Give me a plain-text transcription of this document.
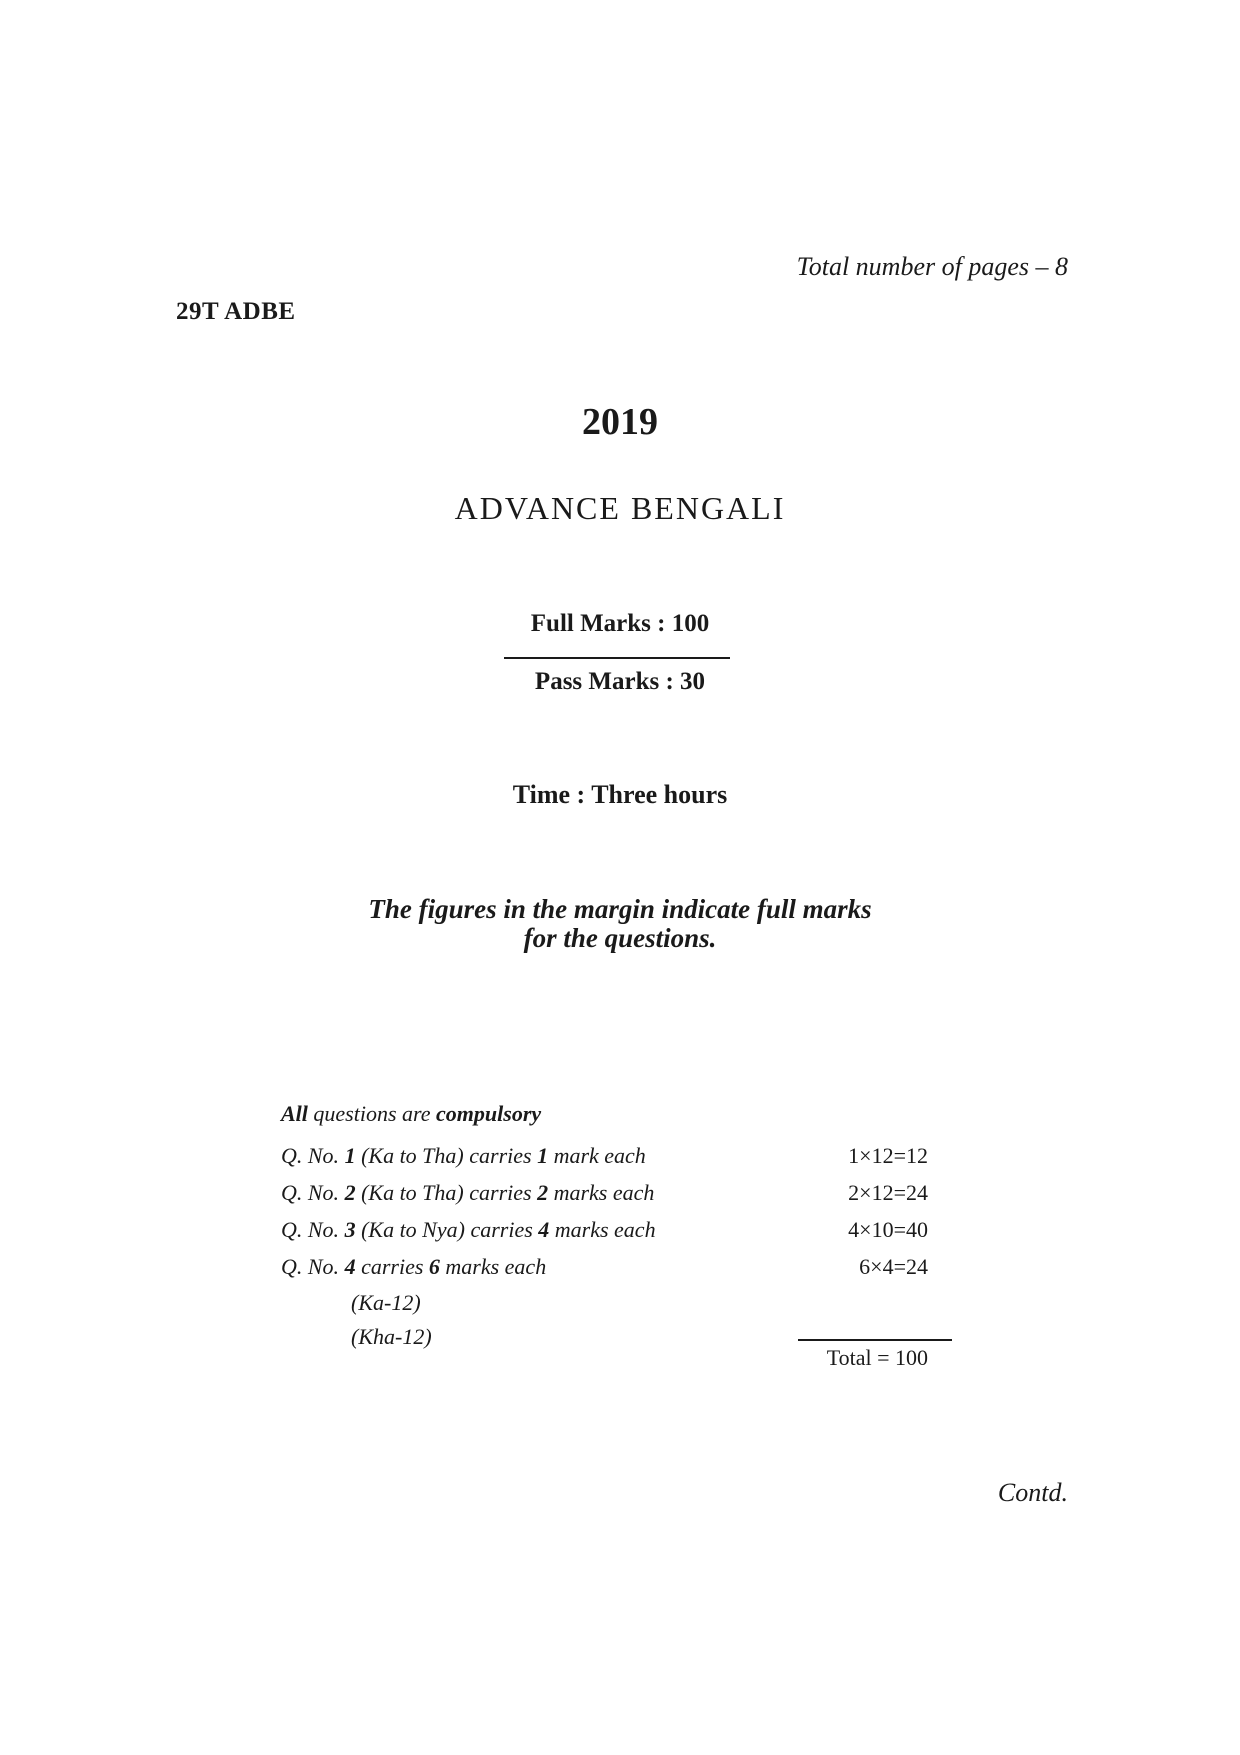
Total number of pages – 8
29T ADBE
2019
ADVANCE BENGALI
Full Marks : 100
Pass Marks : 30
Time : Three hours
The figures in the margin indicate full marks
for the questions.
All questions are compulsory
Q. No. 1 (Ka to Tha) carries 1 mark each	1×12=12
Q. No. 2 (Ka to Tha) carries 2 marks each	2×12=24
Q. No. 3 (Ka to Nya) carries 4 marks each	4×10=40
Q. No. 4 carries 6 marks each	6×4=24
(Ka-12)
(Kha-12)
Total = 100
Contd.
